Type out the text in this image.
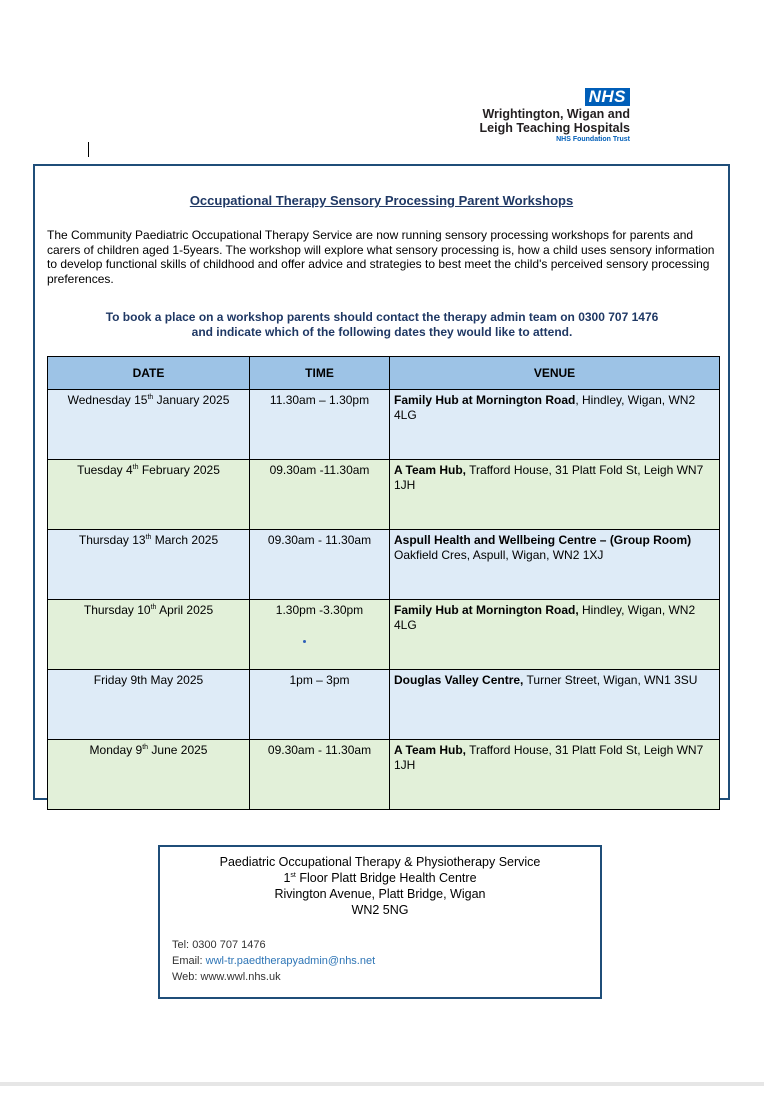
NHS
Wrightington, Wigan and
Leigh Teaching Hospitals
NHS Foundation Trust
Occupational Therapy Sensory Processing Parent Workshops
The Community Paediatric Occupational Therapy Service are now running sensory processing workshops for parents and carers of children aged 1-5years. The workshop will explore what sensory processing is, how a child uses sensory information to develop functional skills of childhood and offer advice and strategies to best meet the child's perceived sensory processing preferences.
To book a place on a workshop parents should contact the therapy admin team on 0300 707 1476
and indicate which of the following dates they would like to attend.
DATE	TIME	VENUE
Wednesday 15th January 2025	11.30am – 1.30pm	Family Hub at Mornington Road, Hindley, Wigan, WN2 4LG
Tuesday 4th February 2025	09.30am -11.30am	A Team Hub, Trafford House, 31 Platt Fold St, Leigh WN7 1JH
Thursday 13th March 2025	09.30am - 11.30am	Aspull Health and Wellbeing Centre – (Group Room) Oakfield Cres, Aspull, Wigan, WN2 1XJ
Thursday 10th April 2025	1.30pm -3.30pm	Family Hub at Mornington Road, Hindley, Wigan, WN2 4LG
Friday 9th May 2025	1pm – 3pm	Douglas Valley Centre, Turner Street, Wigan, WN1 3SU
Monday 9th June 2025	09.30am - 11.30am	A Team Hub, Trafford House, 31 Platt Fold St, Leigh WN7 1JH
Paediatric Occupational Therapy & Physiotherapy Service
1st Floor Platt Bridge Health Centre
Rivington Avenue, Platt Bridge, Wigan
WN2 5NG
Tel: 0300 707 1476
Email: wwl-tr.paedtherapyadmin@nhs.net
Web: www.wwl.nhs.uk
